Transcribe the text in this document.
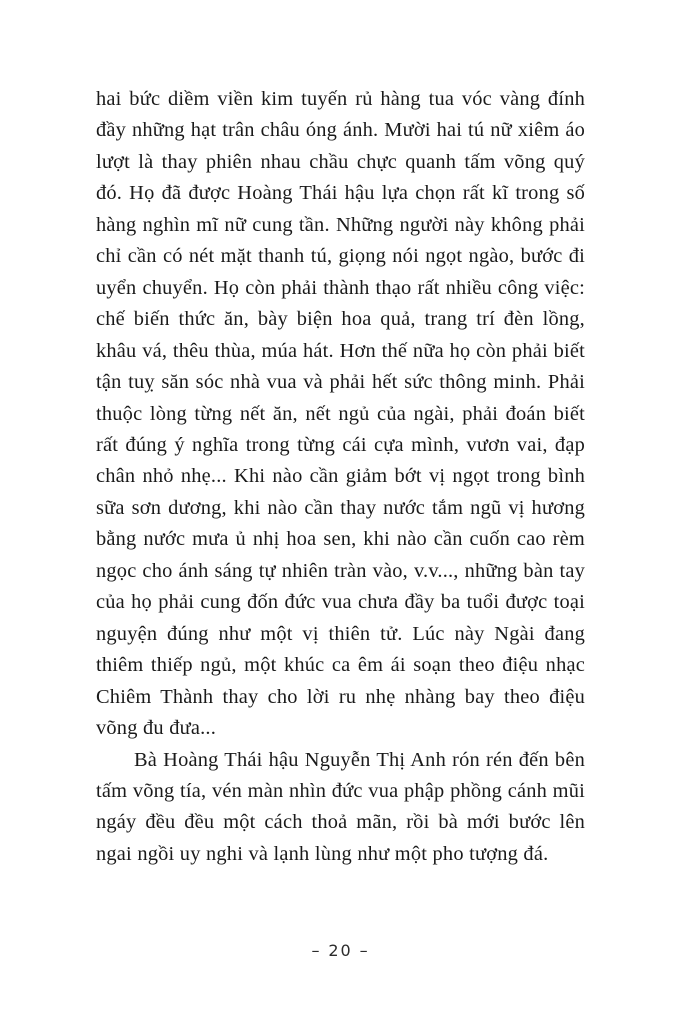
hai bức diềm viền kim tuyến rủ hàng tua vóc vàng đính đầy những hạt trân châu óng ánh. Mười hai tú nữ xiêm áo lượt là thay phiên nhau chầu chực quanh tấm võng quý đó. Họ đã được Hoàng Thái hậu lựa chọn rất kĩ trong số hàng nghìn mĩ nữ cung tần. Những người này không phải chỉ cần có nét mặt thanh tú, giọng nói ngọt ngào, bước đi uyển chuyển. Họ còn phải thành thạo rất nhiều công việc: chế biến thức ăn, bày biện hoa quả, trang trí đèn lồng, khâu vá, thêu thùa, múa hát. Hơn thế nữa họ còn phải biết tận tuỵ săn sóc nhà vua và phải hết sức thông minh. Phải thuộc lòng từng nết ăn, nết ngủ của ngài, phải đoán biết rất đúng ý nghĩa trong từng cái cựa mình, vươn vai, đạp chân nhỏ nhẹ... Khi nào cần giảm bớt vị ngọt trong bình sữa sơn dương, khi nào cần thay nước tắm ngũ vị hương bằng nước mưa ủ nhị hoa sen, khi nào cần cuốn cao rèm ngọc cho ánh sáng tự nhiên tràn vào, v.v..., những bàn tay của họ phải cung đốn đức vua chưa đầy ba tuổi được toại nguyện đúng như một vị thiên tử. Lúc này Ngài đang thiêm thiếp ngủ, một khúc ca êm ái soạn theo điệu nhạc Chiêm Thành thay cho lời ru nhẹ nhàng bay theo điệu võng đu đưa...

Bà Hoàng Thái hậu Nguyễn Thị Anh rón rén đến bên tấm võng tía, vén màn nhìn đức vua phập phồng cánh mũi ngáy đều đều một cách thoả mãn, rồi bà mới bước lên ngai ngồi uy nghi và lạnh lùng như một pho tượng đá.

– 20 –
